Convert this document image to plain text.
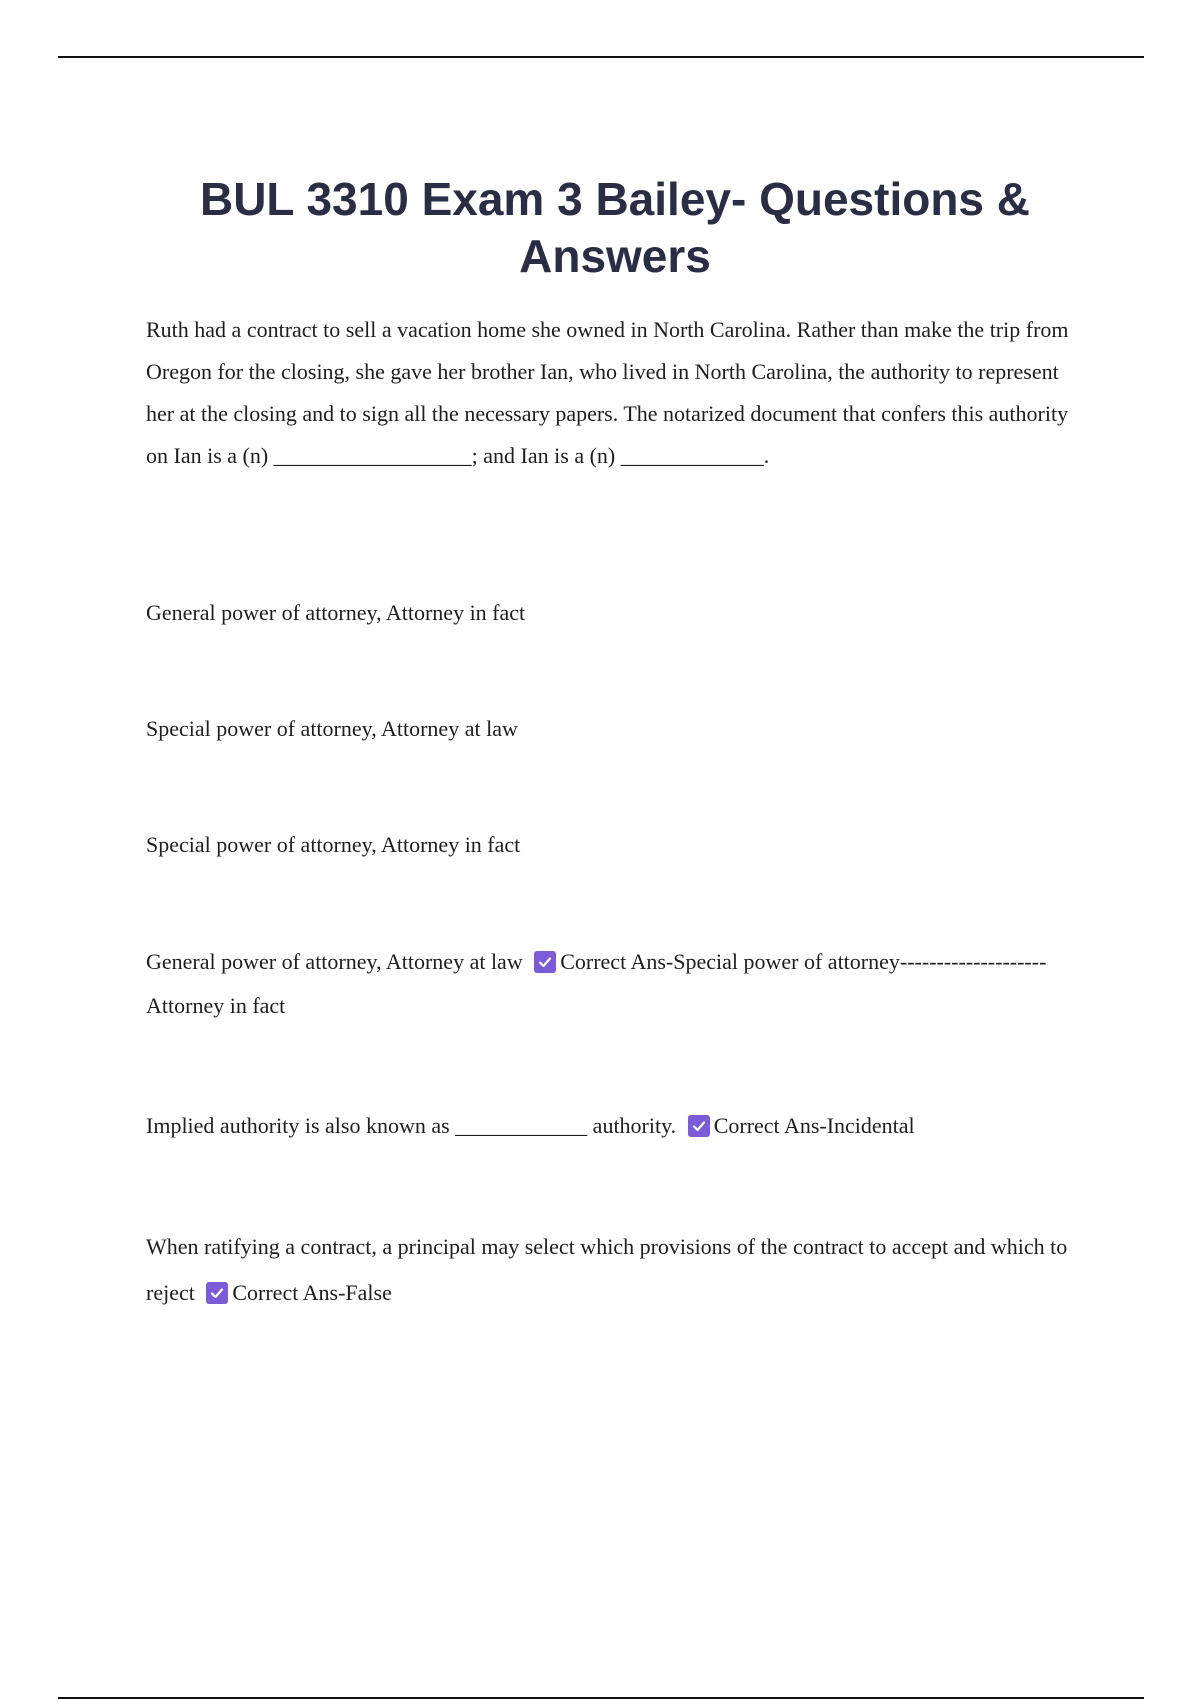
BUL 3310 Exam 3 Bailey- Questions & Answers
Ruth had a contract to sell a vacation home she owned in North Carolina. Rather than make the trip from Oregon for the closing, she gave her brother Ian, who lived in North Carolina, the authority to represent her at the closing and to sign all the necessary papers. The notarized document that confers this authority on Ian is a (n) __________________; and Ian is a (n) _____________.
General power of attorney, Attorney in fact
Special power of attorney, Attorney at law
Special power of attorney, Attorney in fact
General power of attorney, Attorney at law Correct Ans-Special power of attorney--------------------Attorney in fact
Implied authority is also known as ____________ authority. Correct Ans-Incidental
When ratifying a contract, a principal may select which provisions of the contract to accept and which to reject Correct Ans-False
